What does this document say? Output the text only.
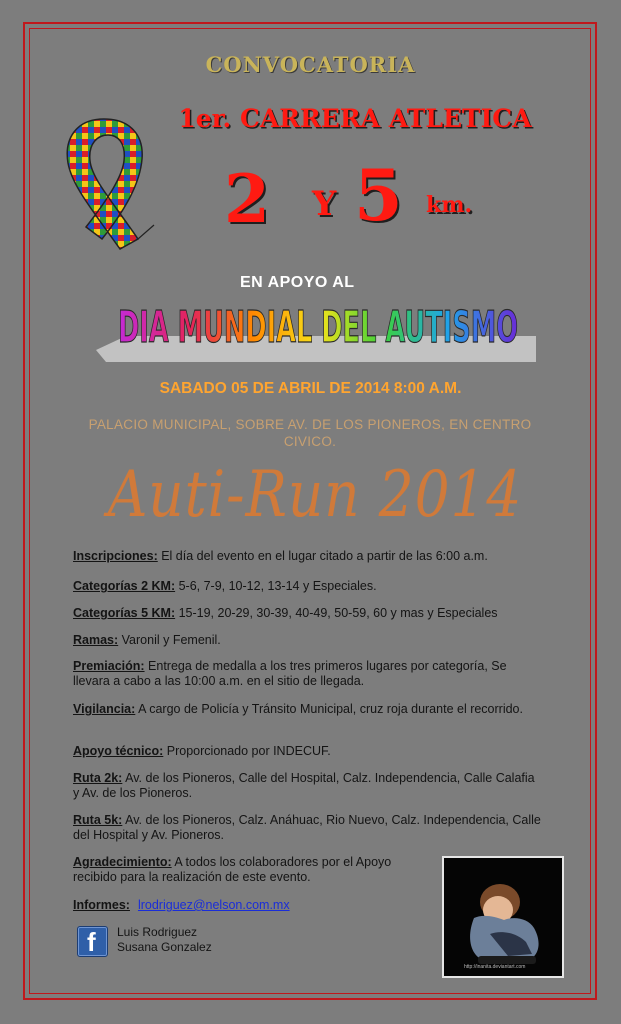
CONVOCATORIA
1er. CARRERA ATLETICA
2 Y 5 km.
EN APOYO AL
DIA MUNDIAL DEL AUTISMO
SABADO 05 DE ABRIL DE 2014 8:00 A.M.
PALACIO MUNICIPAL, SOBRE AV. DE LOS PIONEROS, EN CENTRO CIVICO.
Auti-Run 2014

Inscripciones: El día del evento en el lugar citado a partir de las 6:00 a.m.

Categorías 2 KM: 5-6, 7-9, 10-12, 13-14 y Especiales.

Categorías 5 KM: 15-19, 20-29, 30-39, 40-49, 50-59, 60 y mas y Especiales

Ramas: Varonil y Femenil.

Premiación: Entrega de medalla a los tres primeros lugares por categoría, Se llevara a cabo a las 10:00 a.m. en el sitio de llegada.

Vigilancia: A cargo de Policía y Tránsito Municipal, cruz roja durante el recorrido.

Apoyo técnico: Proporcionado por INDECUF.

Ruta 2k: Av. de los Pioneros, Calle del Hospital, Calz. Independencia, Calle Calafia y Av. de los Pioneros.

Ruta 5k: Av. de los Pioneros, Calz. Anáhuac, Rio Nuevo, Calz. Independencia, Calle del Hospital y Av. Pioneros.

Agradecimiento: A todos los colaboradores por el Apoyo recibido para la realización de este evento.

Informes: lrodriguez@nelson.com.mx

f Luis Rodriguez
Susana Gonzalez
http://inanita.deviantart.com
